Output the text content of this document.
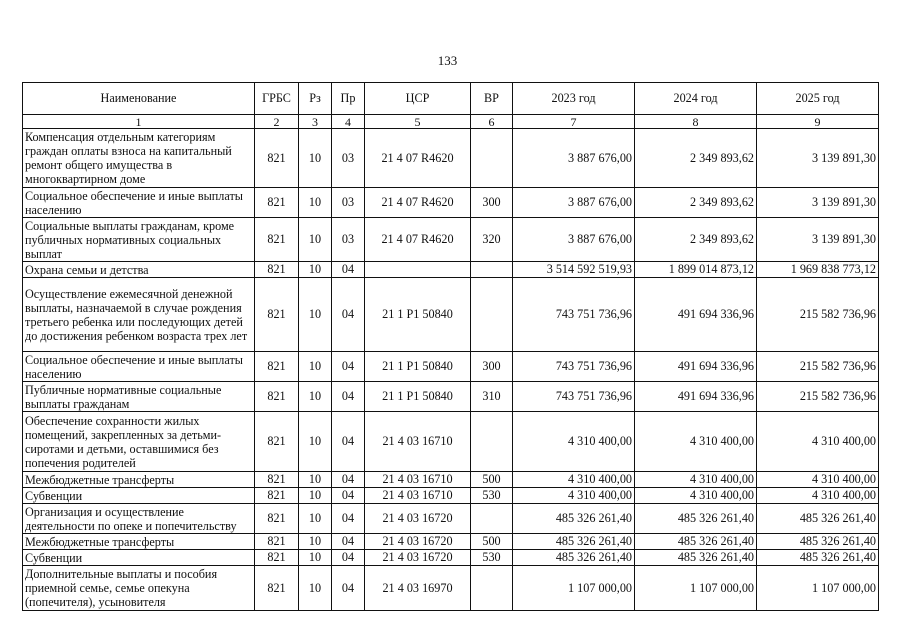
133
Наименование	ГРБС	Рз	Пр	ЦСР	ВР	2023 год	2024 год	2025 год
1	2	3	4	5	6	7	8	9
Компенсация отдельным категориям граждан оплаты взноса на капитальный ремонт общего имущества в многоквартирном доме	821	10	03	21 4 07 R4620		3 887 676,00	2 349 893,62	3 139 891,30
Социальное обеспечение и иные выплаты населению	821	10	03	21 4 07 R4620	300	3 887 676,00	2 349 893,62	3 139 891,30
Социальные выплаты гражданам, кроме публичных нормативных социальных выплат	821	10	03	21 4 07 R4620	320	3 887 676,00	2 349 893,62	3 139 891,30
Охрана семьи и детства	821	10	04			3 514 592 519,93	1 899 014 873,12	1 969 838 773,12
Осуществление ежемесячной денежной выплаты, назначаемой в случае рождения третьего ребенка или последующих детей до достижения ребенком возраста трех лет	821	10	04	21 1 P1 50840		743 751 736,96	491 694 336,96	215 582 736,96
Социальное обеспечение и иные выплаты населению	821	10	04	21 1 P1 50840	300	743 751 736,96	491 694 336,96	215 582 736,96
Публичные нормативные социальные выплаты гражданам	821	10	04	21 1 P1 50840	310	743 751 736,96	491 694 336,96	215 582 736,96
Обеспечение сохранности жилых помещений, закрепленных за детьми-сиротами и детьми, оставшимися без попечения родителей	821	10	04	21 4 03 16710		4 310 400,00	4 310 400,00	4 310 400,00
Межбюджетные трансферты	821	10	04	21 4 03 16710	500	4 310 400,00	4 310 400,00	4 310 400,00
Субвенции	821	10	04	21 4 03 16710	530	4 310 400,00	4 310 400,00	4 310 400,00
Организация и осуществление деятельности по опеке и попечительству	821	10	04	21 4 03 16720		485 326 261,40	485 326 261,40	485 326 261,40
Межбюджетные трансферты	821	10	04	21 4 03 16720	500	485 326 261,40	485 326 261,40	485 326 261,40
Субвенции	821	10	04	21 4 03 16720	530	485 326 261,40	485 326 261,40	485 326 261,40
Дополнительные выплаты и пособия приемной семье, семье опекуна (попечителя), усыновителя	821	10	04	21 4 03 16970		1 107 000,00	1 107 000,00	1 107 000,00
